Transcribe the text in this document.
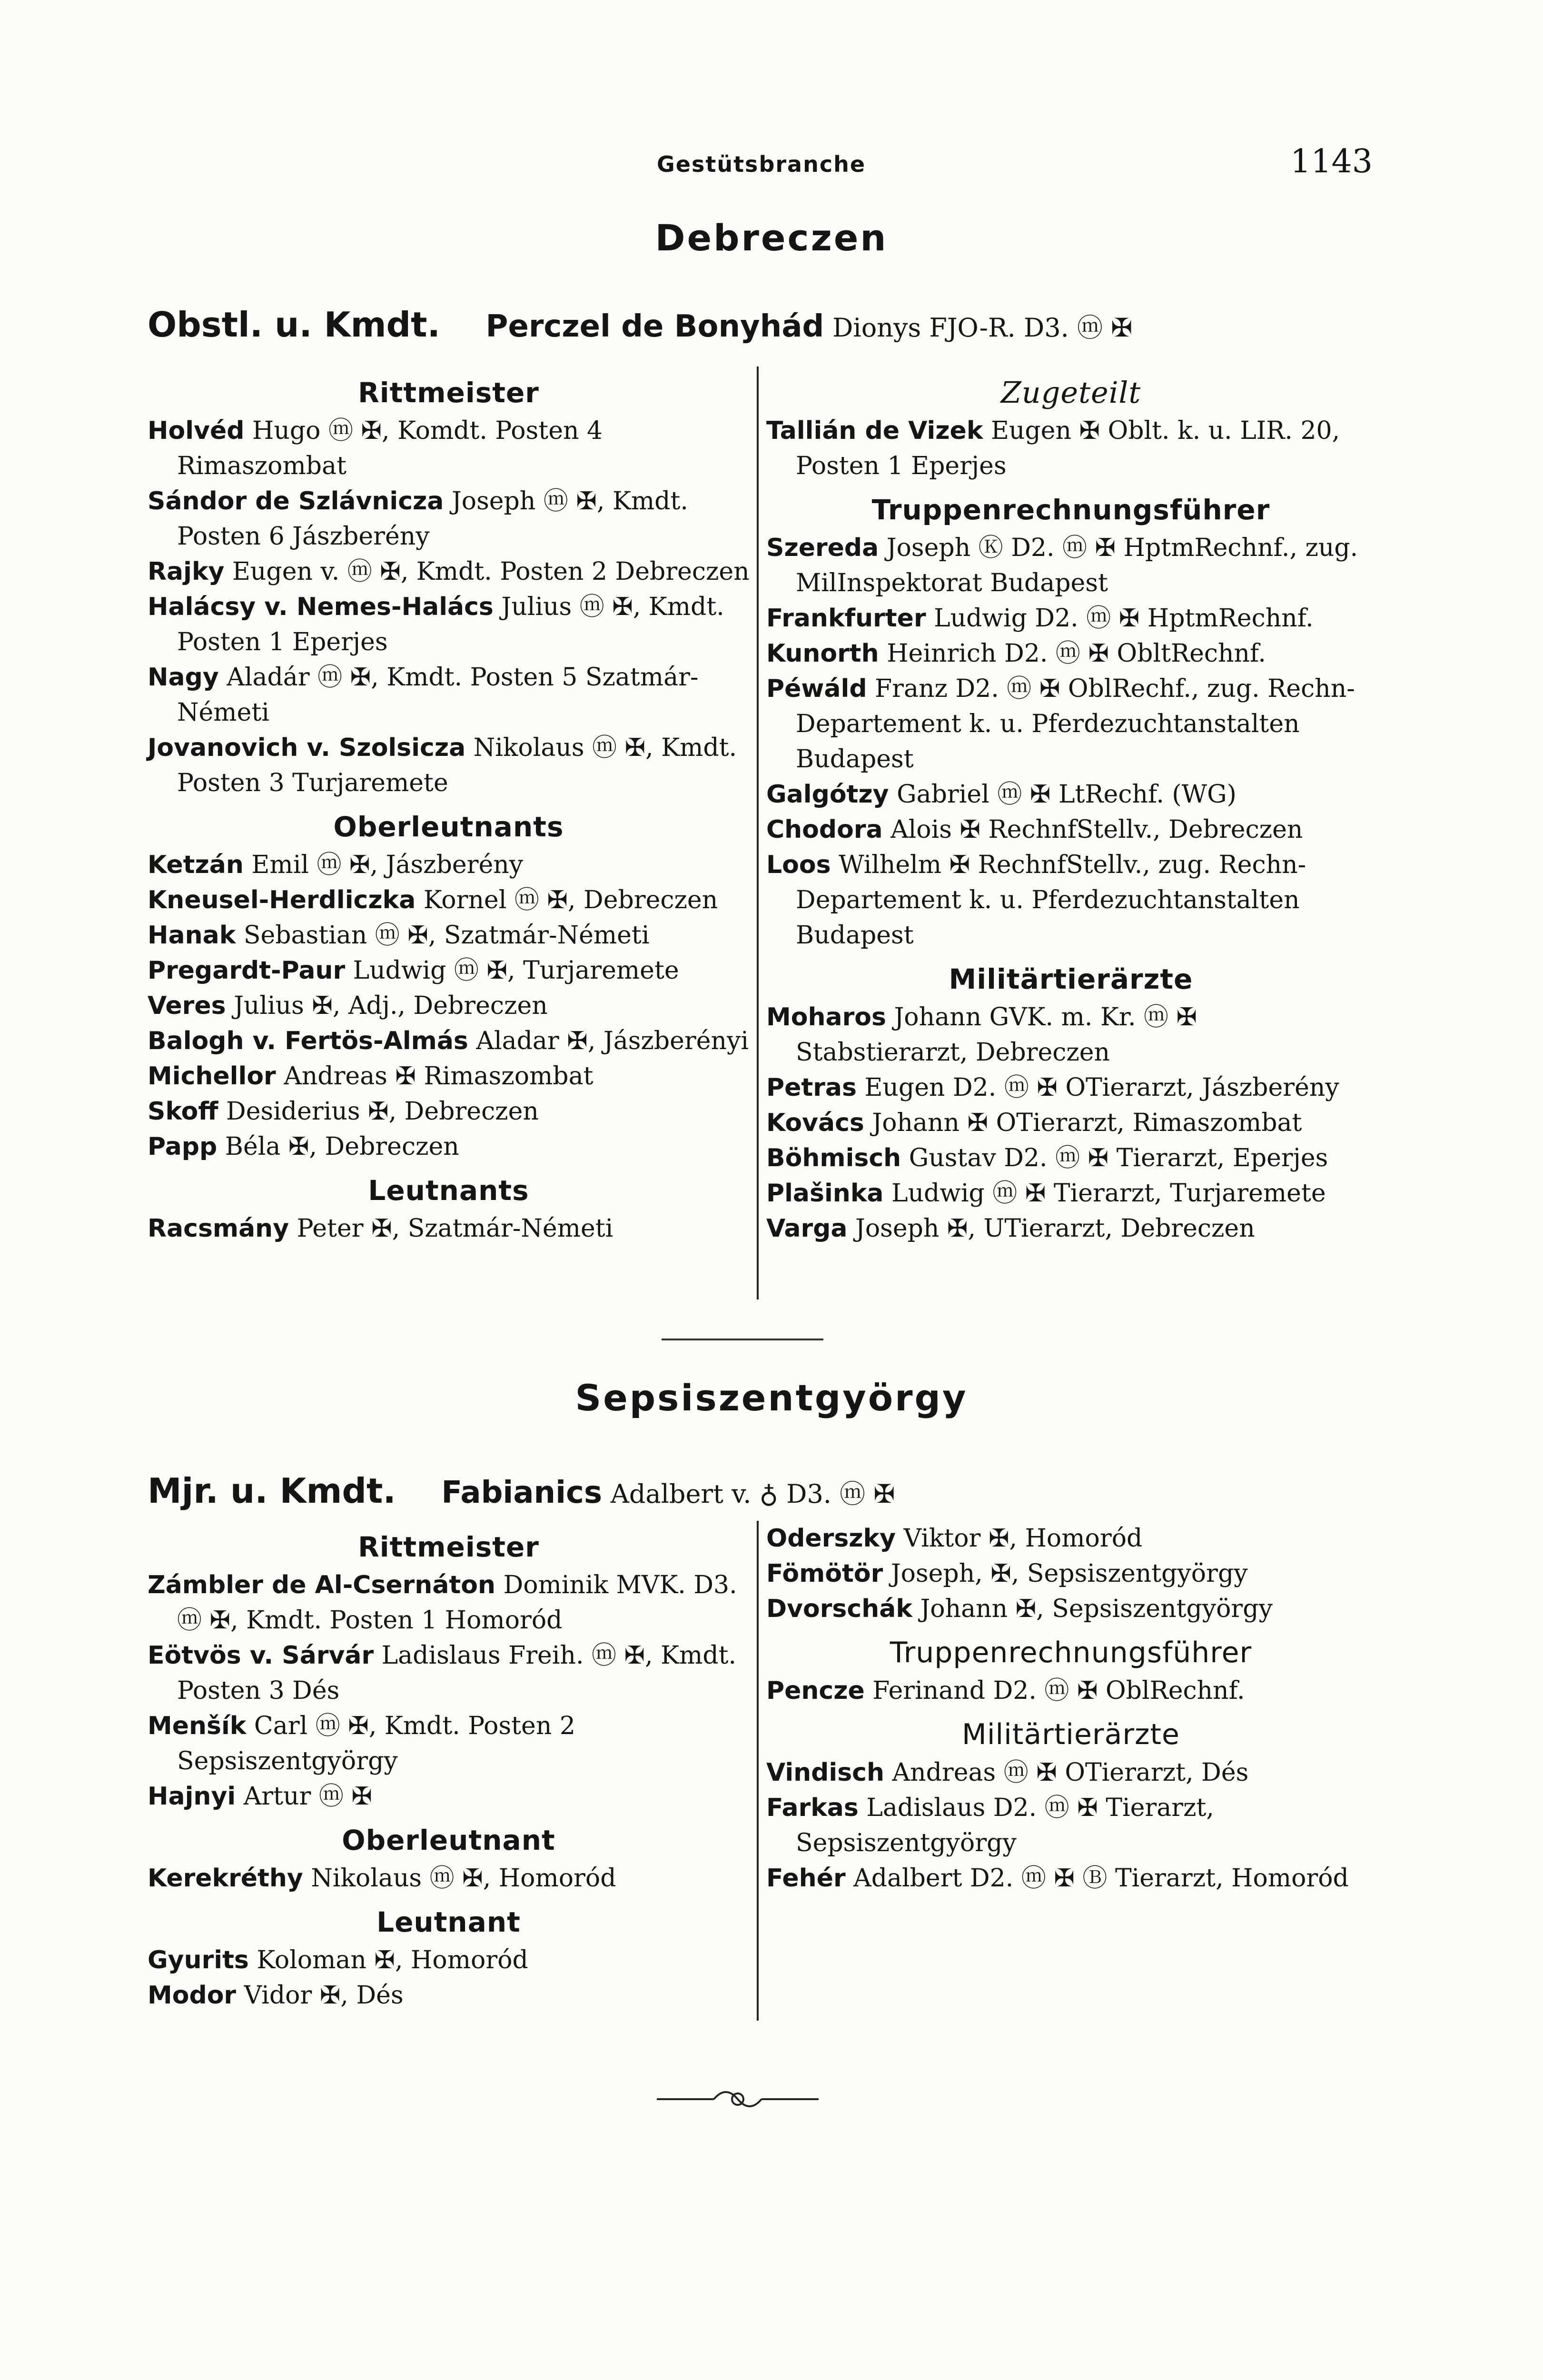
Gestütsbranche	1143
Debreczen
Obstl. u. Kmdt. Perczel de Bonyhád Dionys FJO-R. D3. ⓜ ✠
Rittmeister
Holvéd Hugo ⓜ ✠, Komdt. Posten 4 Rimaszombat
Sándor de Szlávnicza Joseph ⓜ ✠, Kmdt. Posten 6 Jászberény
Rajky Eugen v. ⓜ ✠, Kmdt. Posten 2 Debreczen
Halácsy v. Nemes-Halács Julius ⓜ ✠, Kmdt. Posten 1 Eperjes
Nagy Aladár ⓜ ✠, Kmdt. Posten 5 Szatmár-Németi
Jovanovich v. Szolsicza Nikolaus ⓜ ✠, Kmdt. Posten 3 Turjaremete
Oberleutnants
Ketzán Emil ⓜ ✠, Jászberény
Kneusel-Herdliczka Kornel ⓜ ✠, Debreczen
Hanak Sebastian ⓜ ✠, Szatmár-Németi
Pregardt-Paur Ludwig ⓜ ✠, Turjaremete
Veres Julius ✠, Adj., Debreczen
Balogh v. Fertös-Almás Aladar ✠, Jászberényi
Michellor Andreas ✠ Rimaszombat
Skoff Desiderius ✠, Debreczen
Papp Béla ✠, Debreczen
Leutnants
Racsmány Peter ✠, Szatmár-Németi
Zugeteilt
Tallián de Vizek Eugen ✠ Oblt. k. u. LIR. 20, Posten 1 Eperjes
Truppenrechnungsführer
Szereda Joseph Ⓚ D2. ⓜ ✠ HptmRechnf., zug. MilInspektorat Budapest
Frankfurter Ludwig D2. ⓜ ✠ HptmRechnf.
Kunorth Heinrich D2. ⓜ ✠ ObltRechnf.
Péwáld Franz D2. ⓜ ✠ OblRechf., zug. Rechn-Departement k. u. Pferdezuchtanstalten Budapest
Galgótzy Gabriel ⓜ ✠ LtRechf. (WG)
Chodora Alois ✠ RechnfStellv., Debreczen
Loos Wilhelm ✠ RechnfStellv., zug. Rechn-Departement k. u. Pferdezuchtanstalten Budapest
Militärtierärzte
Moharos Johann GVK. m. Kr. ⓜ ✠ Stabstierarzt, Debreczen
Petras Eugen D2. ⓜ ✠ OTierarzt, Jászberény
Kovács Johann ✠ OTierarzt, Rimaszombat
Böhmisch Gustav D2. ⓜ ✠ Tierarzt, Eperjes
Plašinka Ludwig ⓜ ✠ Tierarzt, Turjaremete
Varga Joseph ✠, UTierarzt, Debreczen
Sepsiszentgyörgy
Mjr. u. Kmdt. Fabianics Adalbert v. ♁ D3. ⓜ ✠
Rittmeister
Zámbler de Al-Csernáton Dominik MVK. D3. ⓜ ✠, Kmdt. Posten 1 Homoród
Eötvös v. Sárvár Ladislaus Freih. ⓜ ✠, Kmdt. Posten 3 Dés
Menšík Carl ⓜ ✠, Kmdt. Posten 2 Sepsiszentgyörgy
Hajnyi Artur ⓜ ✠
Oberleutnant
Kerekréthy Nikolaus ⓜ ✠, Homoród
Leutnant
Gyurits Koloman ✠, Homoród
Modor Vidor ✠, Dés
Oderszky Viktor ✠, Homoród
Fömötör Joseph, ✠, Sepsiszentgyörgy
Dvorschák Johann ✠, Sepsiszentgyörgy
Truppenrechnungsführer
Pencze Ferinand D2. ⓜ ✠ OblRechnf.
Militärtierärzte
Vindisch Andreas ⓜ ✠ OTierarzt, Dés
Farkas Ladislaus D2. ⓜ ✠ Tierarzt, Sepsiszentgyörgy
Fehér Adalbert D2. ⓜ ✠ Ⓑ Tierarzt, Homoród
